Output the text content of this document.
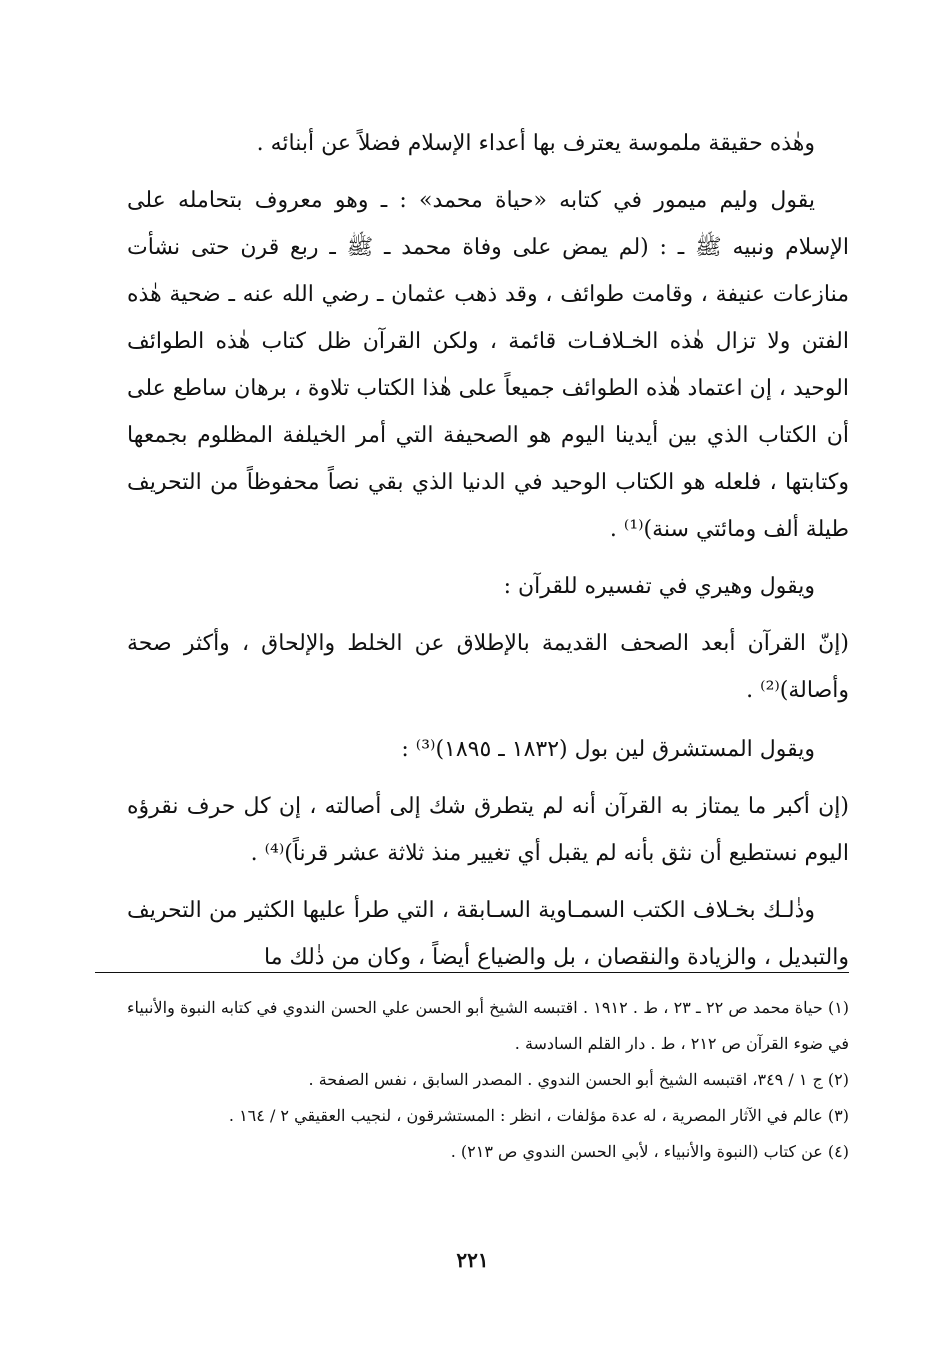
وهٰذه حقيقة ملموسة يعترف بها أعداء الإسلام فضلاً عن أبنائه .

يقول وليم ميمور في كتابه «حياة محمد» : ـ وهو معروف بتحامله على الإسلام ونبيه ﷺ ـ : (لم يمض على وفاة محمد ـ ﷺ ـ ربع قرن حتى نشأت منازعات عنيفة ، وقامت طوائف ، وقد ذهب عثمان ـ رضي الله عنه ـ ضحية هٰذه الفتن ولا تزال هٰذه الخـلافـات قائمة ، ولكن القرآن ظل كتاب هٰذه الطوائف الوحيد ، إن اعتماد هٰذه الطوائف جميعاً على هٰذا الكتاب تلاوة ، برهان ساطع على أن الكتاب الذي بين أيدينا اليوم هو الصحيفة التي أمر الخيلفة المظلوم بجمعها وكتابتها ، فلعله هو الكتاب الوحيد في الدنيا الذي بقي نصاً محفوظاً من التحريف طيلة ألف ومائتي سنة)⁽¹⁾ .

ويقول وهيري في تفسيره للقرآن :

(إنّ القرآن أبعد الصحف القديمة بالإطلاق عن الخلط والإلحاق ، وأكثر صحة وأصالة)⁽²⁾ .

ويقول المستشرق لين بول (١٨٣٢ ـ ١٨٩٥)⁽³⁾ :

(إن أكبر ما يمتاز به القرآن أنه لم يتطرق شك إلى أصالته ، إن كل حرف نقرؤه اليوم نستطيع أن نثق بأنه لم يقبل أي تغيير منذ ثلاثة عشر قرناً)⁽⁴⁾ .

وذٰلـك بخـلاف الكتب السمـاوية السـابقة ، التي طرأ عليها الكثير من التحريف والتبديل ، والزيادة والنقصان ، بل والضياع أيضاً ، وكان من ذٰلك ما

(١) حياة محمد ص ٢٢ ـ ٢٣ ، ط . ١٩١٢ . اقتبسه الشيخ أبو الحسن علي الحسن الندوي في كتابه النبوة والأنبياء في ضوء القرآن ص ٢١٢ ، ط . دار القلم السادسة .

(٢) ج ١ / ٣٤٩، اقتبسه الشيخ أبو الحسن الندوي . المصدر السابق ، نفس الصفحة .

(٣) عالم في الآثار المصرية ، له عدة مؤلفات ، انظر : المستشرقون ، لنجيب العقيقي ٢ / ١٦٤ .

(٤) عن كتاب (النبوة والأنبياء ، لأبي الحسن الندوي ص ٢١٣) .

٢٢١
